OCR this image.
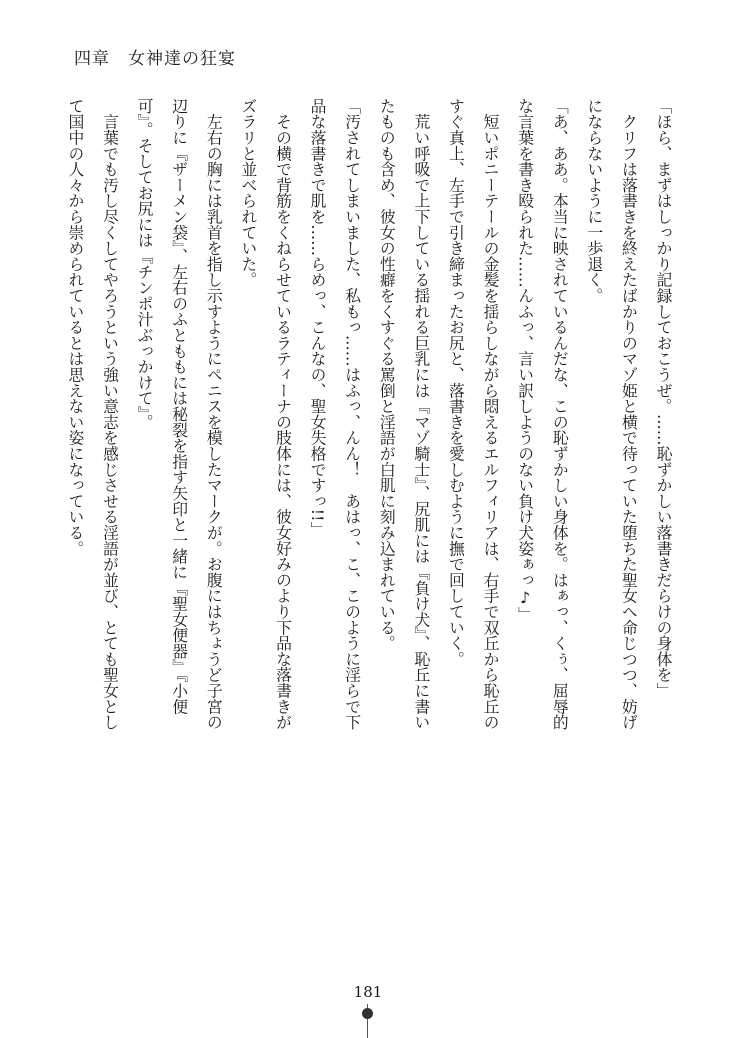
四章　女神達の狂宴
「ほら、まずはしっかり記録しておこうぜ。……恥ずかしい落書きだらけの身体を」
　クリフは落書きを終えたばかりのマゾ姫と横で待っていた堕ちた聖女へ命じつつ、妨げ
にならないように一歩退く。
「あ、ああ。本当に映されているんだな、この恥ずかしい身体を。はぁっ、くぅ、屈辱的
な言葉を書き殴られた……んふっ、言い訳しようのない負け犬姿ぁっ♪」
　短いポニーテールの金髪を揺らしながら悶えるエルフィリアは、右手で双丘から恥丘の
すぐ真上、左手で引き締まったお尻と、落書きを愛しむように撫で回していく。
　荒い呼吸で上下している揺れる巨乳には『マゾ騎士』、尻肌には『負け犬』、恥丘に書い
たものも含め、彼女の性癖をくすぐる罵倒と淫語が白肌に刻み込まれている。
「汚されてしまいました、私もっ……はふっ、んん！　あはっ、こ、このように淫らで下
品な落書きで肌を……らめっ、こんなの、聖女失格ですっ!!」
　その横で背筋をくねらせているラティーナの肢体には、彼女好みのより下品な落書きが
ズラリと並べられていた。
　左右の胸には乳首を指し示すようにペニスを模したマークが。お腹にはちょうど子宮の
辺りに『ザーメン袋』、左右のふとももには秘裂を指す矢印と一緒に『聖女便器』『小便
可』。そしてお尻には『チンポ汁ぶっかけて』。
　言葉でも汚し尽くしてやろうという強い意志を感じさせる淫語が並び、とても聖女とし
て国中の人々から崇められているとは思えない姿になっている。
181
